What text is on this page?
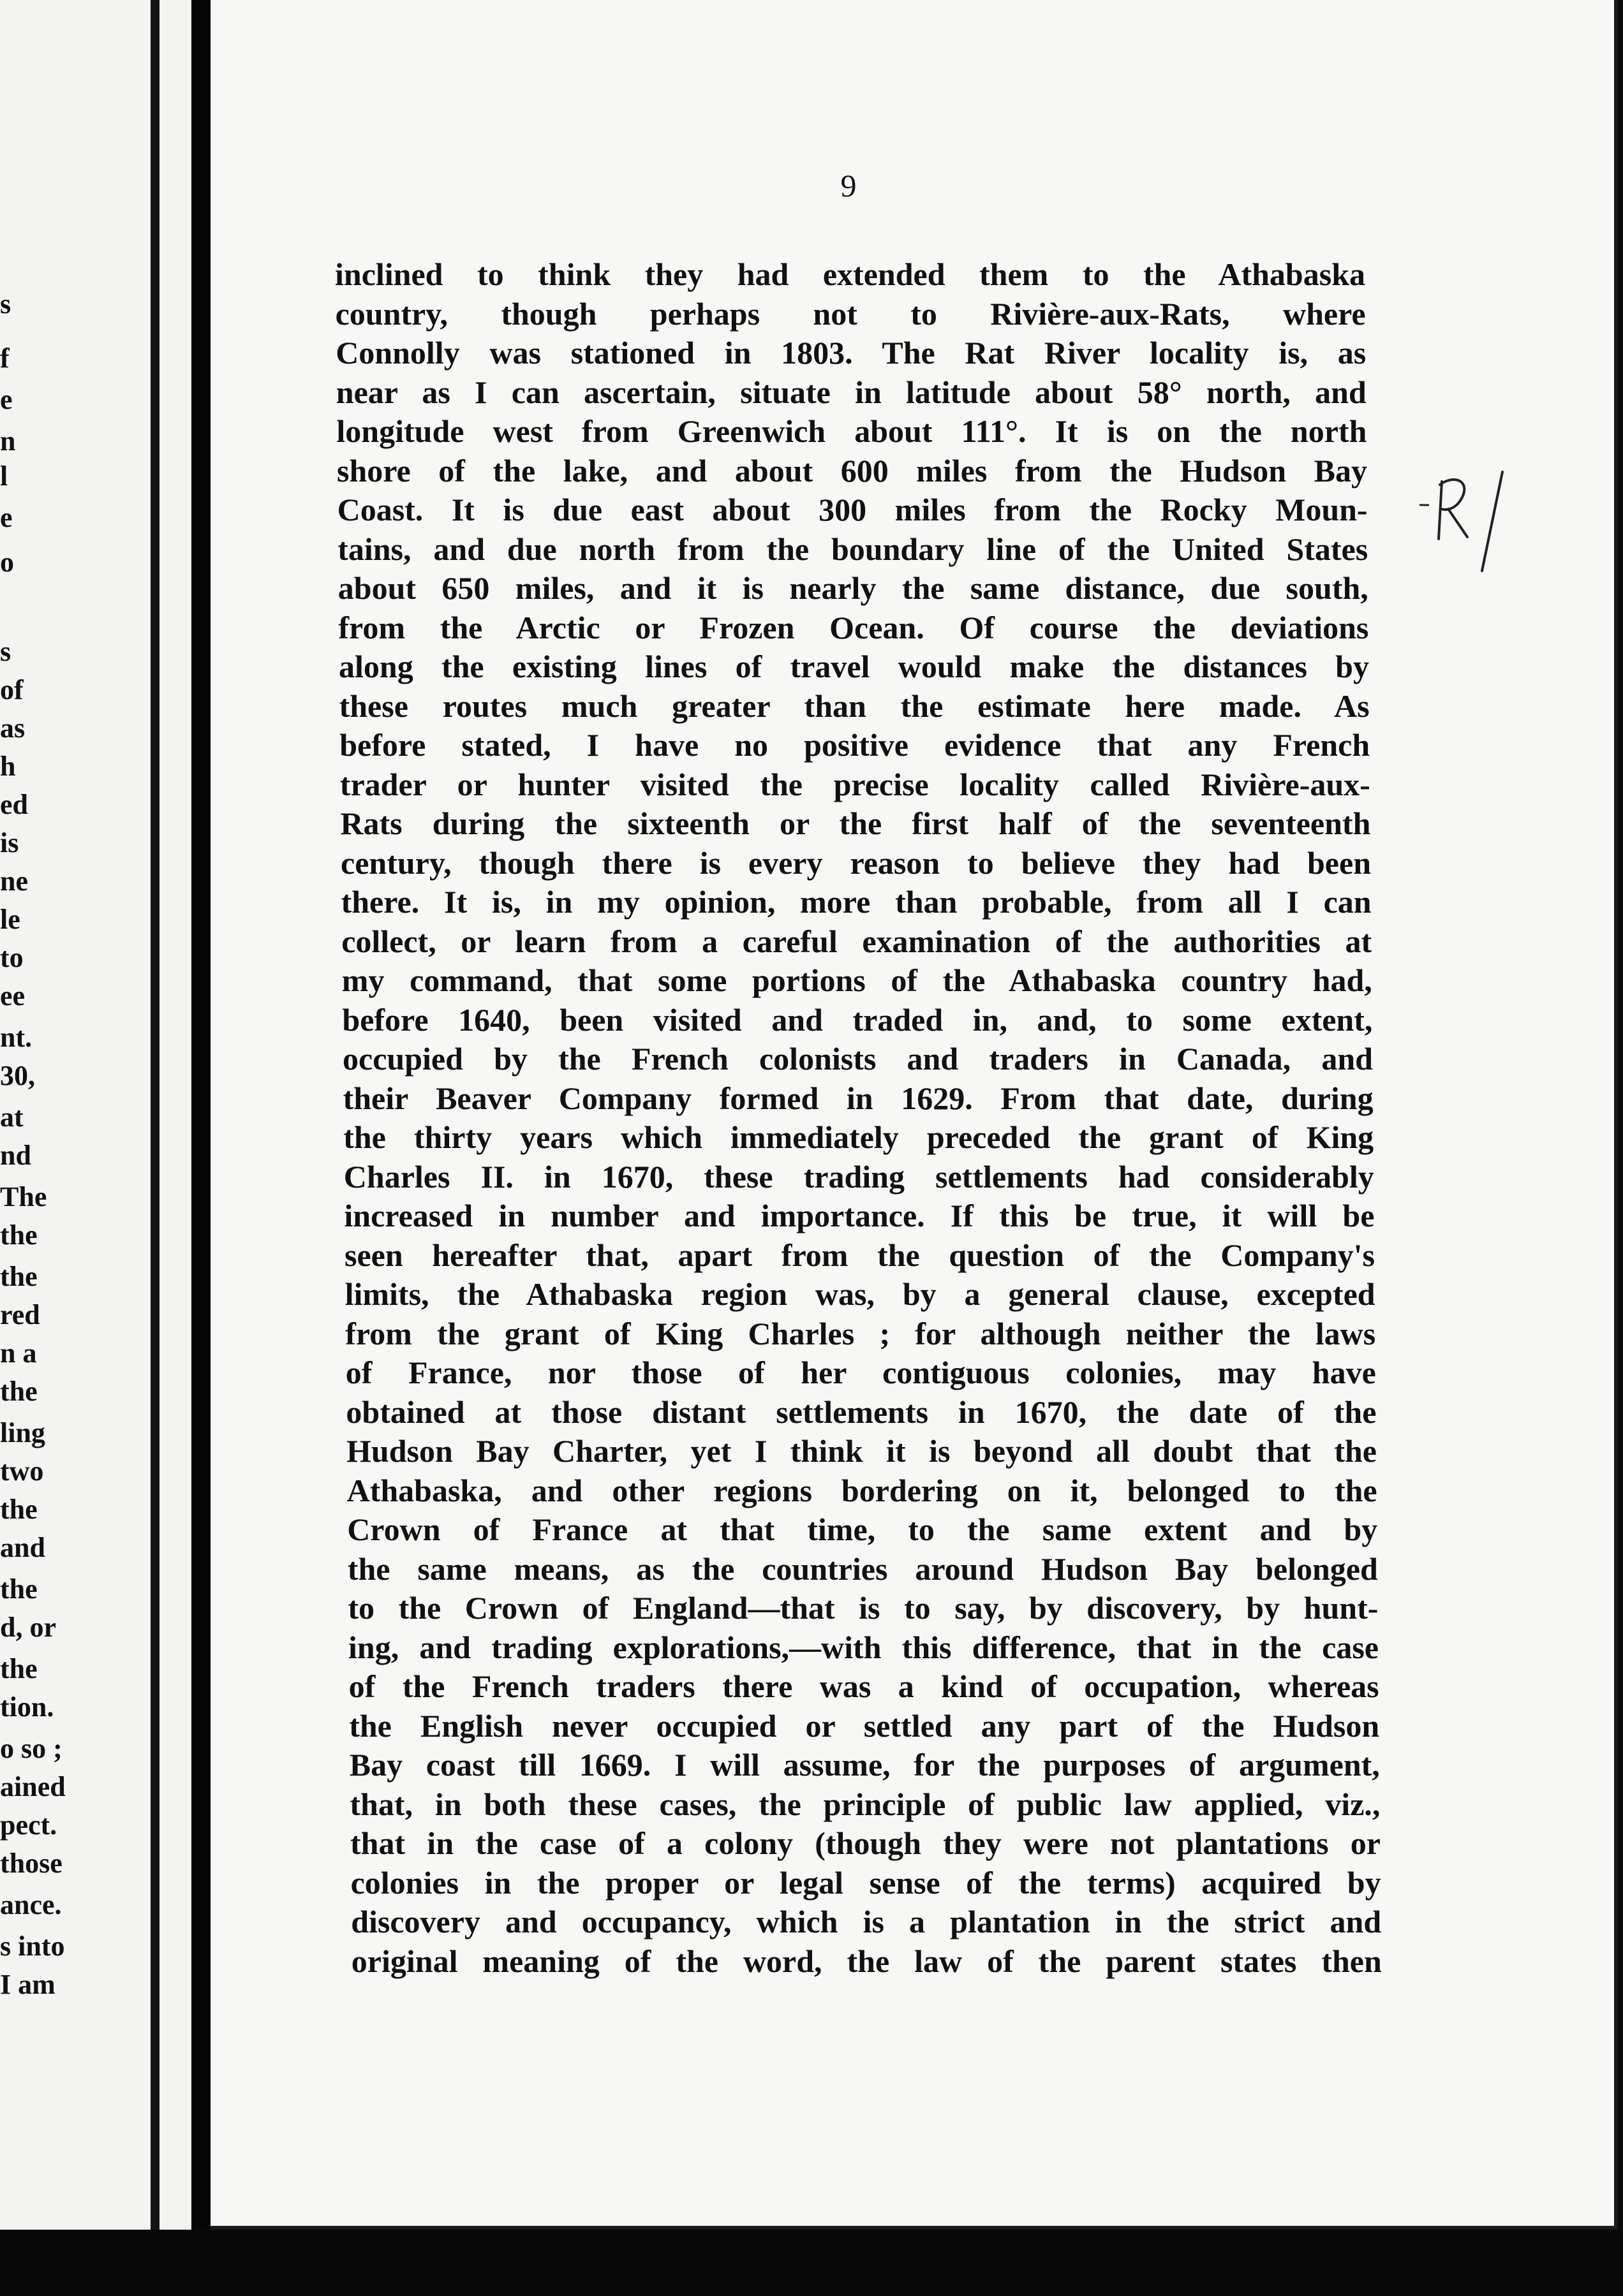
s
f
e
n
l
e
o
s
of
as
h
ed
is
ne
le
to
ee
nt.
30,
at
nd
The
the
the
red
n a
the
ling
two
the
and
the
d, or
the
tion.
o so ;
ained
pect.
those
ance.
s into
I am
9
inclined to think they had extended them to the Athabaska
country, though perhaps not to Rivière-aux-Rats, where
Connolly was stationed in 1803. The Rat River locality is, as
near as I can ascertain, situate in latitude about 58° north, and
longitude west from Greenwich about 111°. It is on the north
shore of the lake, and about 600 miles from the Hudson Bay
Coast. It is due east about 300 miles from the Rocky Moun-
tains, and due north from the boundary line of the United States
about 650 miles, and it is nearly the same distance, due south,
from the Arctic or Frozen Ocean. Of course the deviations
along the existing lines of travel would make the distances by
these routes much greater than the estimate here made. As
before stated, I have no positive evidence that any French
trader or hunter visited the precise locality called Rivière-aux-
Rats during the sixteenth or the first half of the seventeenth
century, though there is every reason to believe they had been
there. It is, in my opinion, more than probable, from all I can
collect, or learn from a careful examination of the authorities at
my command, that some portions of the Athabaska country had,
before 1640, been visited and traded in, and, to some extent,
occupied by the French colonists and traders in Canada, and
their Beaver Company formed in 1629. From that date, during
the thirty years which immediately preceded the grant of King
Charles II. in 1670, these trading settlements had considerably
increased in number and importance. If this be true, it will be
seen hereafter that, apart from the question of the Company's
limits, the Athabaska region was, by a general clause, excepted
from the grant of King Charles ; for although neither the laws
of France, nor those of her contiguous colonies, may have
obtained at those distant settlements in 1670, the date of the
Hudson Bay Charter, yet I think it is beyond all doubt that the
Athabaska, and other regions bordering on it, belonged to the
Crown of France at that time, to the same extent and by
the same means, as the countries around Hudson Bay belonged
to the Crown of England—that is to say, by discovery, by hunt-
ing, and trading explorations,—with this difference, that in the case
of the French traders there was a kind of occupation, whereas
the English never occupied or settled any part of the Hudson
Bay coast till 1669. I will assume, for the purposes of argument,
that, in both these cases, the principle of public law applied, viz.,
that in the case of a colony (though they were not plantations or
colonies in the proper or legal sense of the terms) acquired by
discovery and occupancy, which is a plantation in the strict and
original meaning of the word, the law of the parent states then
